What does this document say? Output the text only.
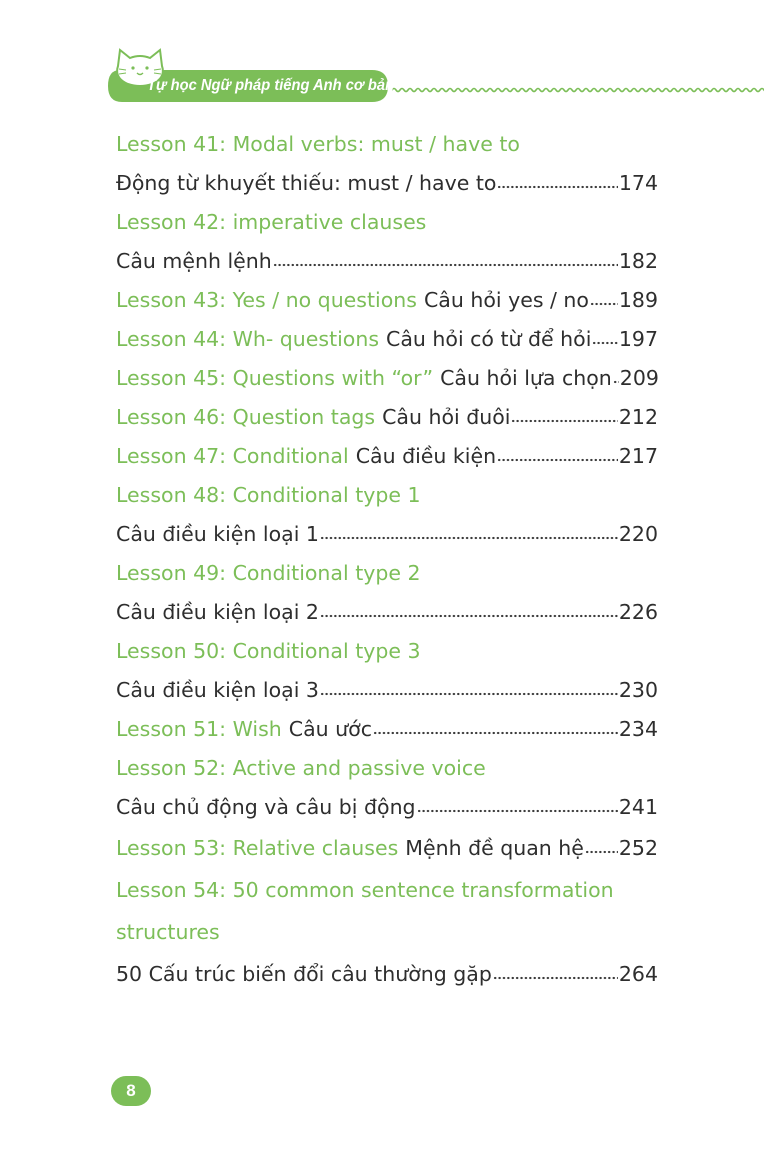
Tự học Ngữ pháp tiếng Anh cơ bản
Lesson 41: Modal verbs: must / have to
Động từ khuyết thiếu: must / have to	174
Lesson 42: imperative clauses
Câu mệnh lệnh	182
Lesson 43: Yes / no questions Câu hỏi yes / no 189
Lesson 44: Wh- questions Câu hỏi có từ để hỏi 197
Lesson 45: Questions with “or” Câu hỏi lựa chọn 209
Lesson 46: Question tags Câu hỏi đuôi	212
Lesson 47: Conditional Câu điều kiện	217
Lesson 48: Conditional type 1
Câu điều kiện loại 1	220
Lesson 49: Conditional type 2
Câu điều kiện loại 2	226
Lesson 50: Conditional type 3
Câu điều kiện loại 3	230
Lesson 51: Wish Câu ước	234
Lesson 52: Active and passive voice
Câu chủ động và câu bị động	241
Lesson 53: Relative clauses Mệnh đề quan hệ 252
Lesson 54: 50 common sentence transformation
structures
50 Cấu trúc biến đổi câu thường gặp	264
8
